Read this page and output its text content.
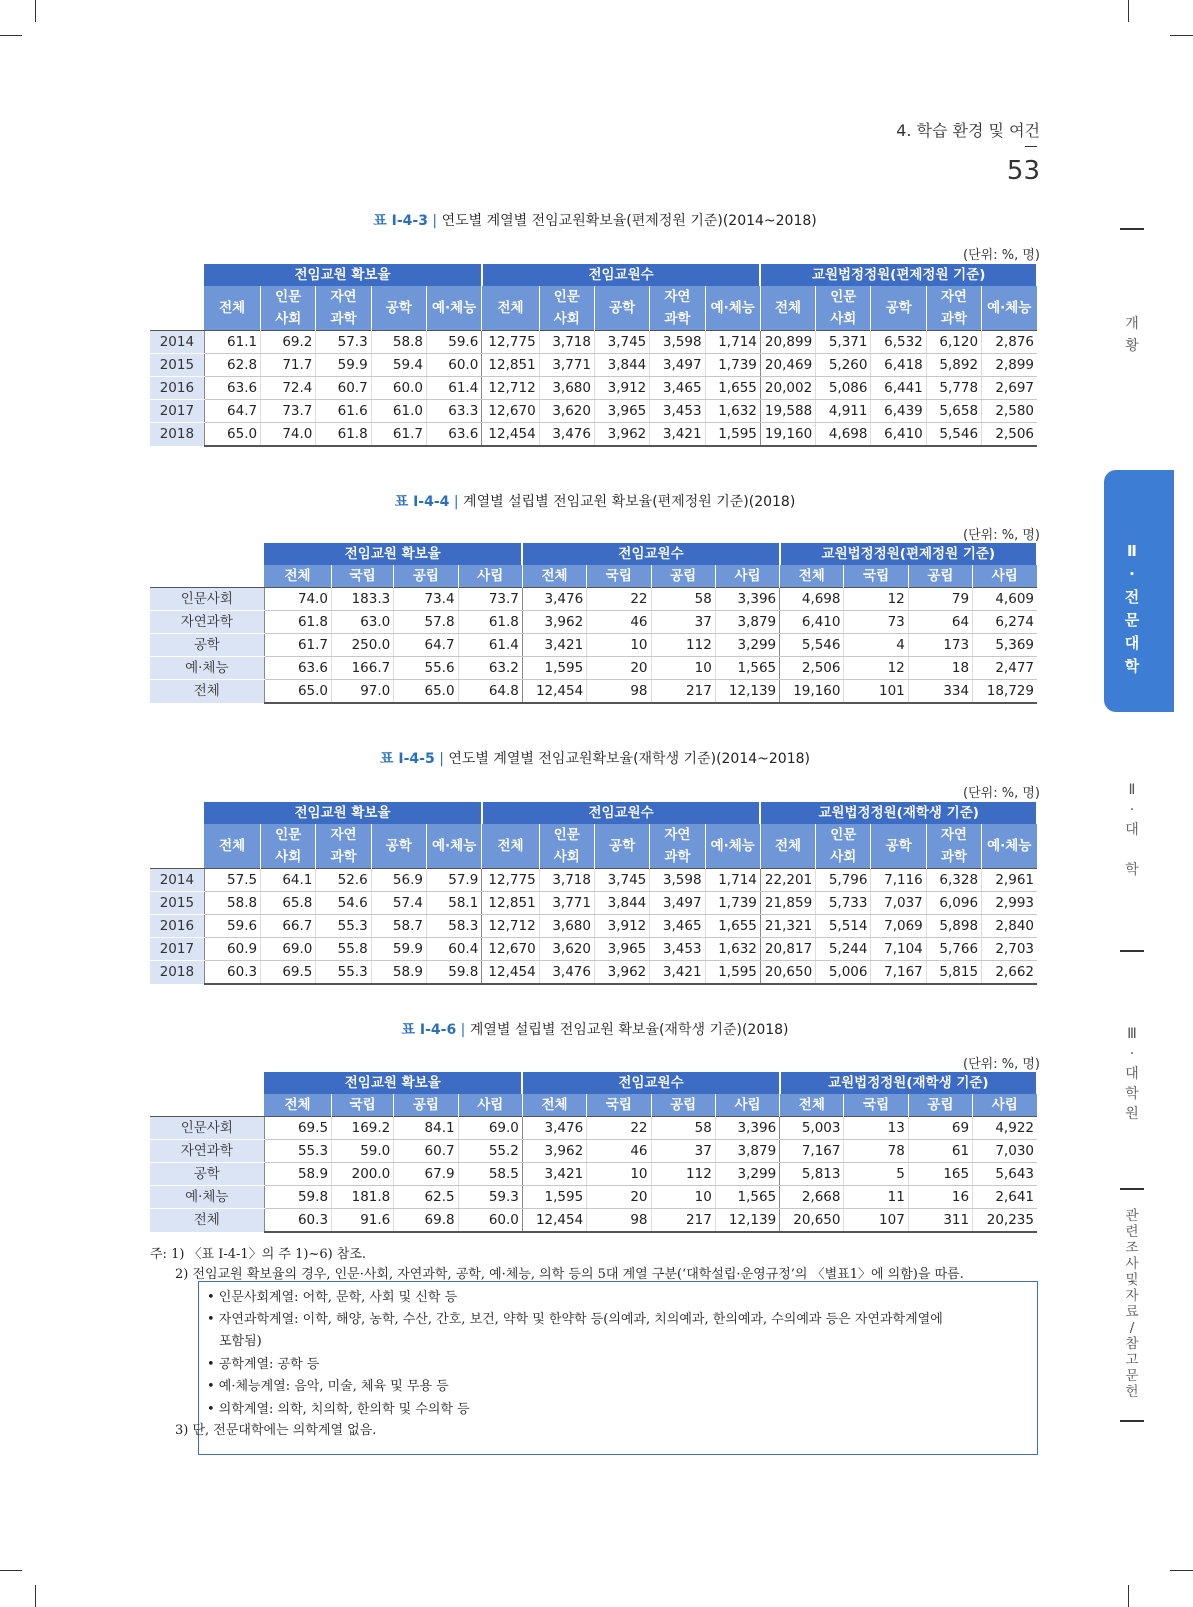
4. 학습 환경 및 여건
53
표 Ⅰ-4-3 | 연도별 계열별 전임교원확보율(편제정원 기준)(2014~2018)
(단위: %, 명)
	전임교원 확보율					전임교원수					교원법정정원(편제정원 기준)				
	전체	인문
사회	자연
과학	공학	예·체능	전체	인문
사회	공학	자연
과학	예·체능	전체	인문
사회	공학	자연
과학	예·체능
2014	61.1	69.2	57.3	58.8	59.6	12,775	3,718	3,745	3,598	1,714	20,899	5,371	6,532	6,120	2,876
2015	62.8	71.7	59.9	59.4	60.0	12,851	3,771	3,844	3,497	1,739	20,469	5,260	6,418	5,892	2,899
2016	63.6	72.4	60.7	60.0	61.4	12,712	3,680	3,912	3,465	1,655	20,002	5,086	6,441	5,778	2,697
2017	64.7	73.7	61.6	61.0	63.3	12,670	3,620	3,965	3,453	1,632	19,588	4,911	6,439	5,658	2,580
2018	65.0	74.0	61.8	61.7	63.6	12,454	3,476	3,962	3,421	1,595	19,160	4,698	6,410	5,546	2,506
표 Ⅰ-4-4 | 계열별 설립별 전임교원 확보율(편제정원 기준)(2018)
(단위: %, 명)
	전임교원 확보율				전임교원수				교원법정정원(편제정원 기준)			
	전체	국립	공립	사립	전체	국립	공립	사립	전체	국립	공립	사립
인문사회	74.0	183.3	73.4	73.7	3,476	22	58	3,396	4,698	12	79	4,609
자연과학	61.8	63.0	57.8	61.8	3,962	46	37	3,879	6,410	73	64	6,274
공학	61.7	250.0	64.7	61.4	3,421	10	112	3,299	5,546	4	173	5,369
예·체능	63.6	166.7	55.6	63.2	1,595	20	10	1,565	2,506	12	18	2,477
전체	65.0	97.0	65.0	64.8	12,454	98	217	12,139	19,160	101	334	18,729
표 Ⅰ-4-5 | 연도별 계열별 전임교원확보율(재학생 기준)(2014~2018)
(단위: %, 명)
	전임교원 확보율					전임교원수					교원법정정원(재학생 기준)				
	전체	인문
사회	자연
과학	공학	예·체능	전체	인문
사회	공학	자연
과학	예·체능	전체	인문
사회	공학	자연
과학	예·체능
2014	57.5	64.1	52.6	56.9	57.9	12,775	3,718	3,745	3,598	1,714	22,201	5,796	7,116	6,328	2,961
2015	58.8	65.8	54.6	57.4	58.1	12,851	3,771	3,844	3,497	1,739	21,859	5,733	7,037	6,096	2,993
2016	59.6	66.7	55.3	58.7	58.3	12,712	3,680	3,912	3,465	1,655	21,321	5,514	7,069	5,898	2,840
2017	60.9	69.0	55.8	59.9	60.4	12,670	3,620	3,965	3,453	1,632	20,817	5,244	7,104	5,766	2,703
2018	60.3	69.5	55.3	58.9	59.8	12,454	3,476	3,962	3,421	1,595	20,650	5,006	7,167	5,815	2,662
표 Ⅰ-4-6 | 계열별 설립별 전임교원 확보율(재학생 기준)(2018)
(단위: %, 명)
	전임교원 확보율				전임교원수				교원법정정원(재학생 기준)			
	전체	국립	공립	사립	전체	국립	공립	사립	전체	국립	공립	사립
인문사회	69.5	169.2	84.1	69.0	3,476	22	58	3,396	5,003	13	69	4,922
자연과학	55.3	59.0	60.7	55.2	3,962	46	37	3,879	7,167	78	61	7,030
공학	58.9	200.0	67.9	58.5	3,421	10	112	3,299	5,813	5	165	5,643
예·체능	59.8	181.8	62.5	59.3	1,595	20	10	1,565	2,668	11	16	2,641
전체	60.3	91.6	69.8	60.0	12,454	98	217	12,139	20,650	107	311	20,235
주: 1) 〈표 Ⅰ-4-1〉의 주 1)~6) 참조.
2) 전임교원 확보율의 경우, 인문·사회, 자연과학, 공학, 예·체능, 의학 등의 5대 계열 구분(‘대학설립·운영규정’의 〈별표1〉에 의함)을 따름.
• 인문사회계열: 어학, 문학, 사회 및 신학 등
• 자연과학계열: 이학, 해양, 농학, 수산, 간호, 보건, 약학 및 한약학 등(의예과, 치의예과, 한의예과, 수의예과 등은 자연과학계열에
포함됨)
• 공학계열: 공학 등
• 예·체능계열: 음악, 미술, 체육 및 무용 등
• 의학계열: 의학, 치의학, 한의학 및 수의학 등
3) 단, 전문대학에는 의학계열 없음.
개
황
Ⅱ
·
전
문
대
학
Ⅱ
·
대

학
Ⅲ
·
대
학
원
관
련
조
사
및
자
료
/
참
고
문
헌
